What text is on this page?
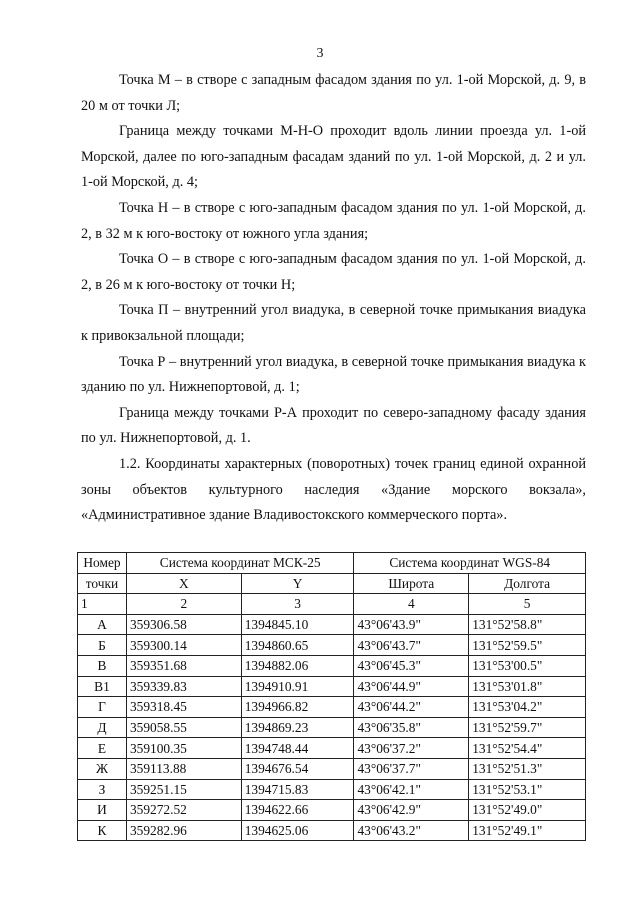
3

Точка М – в створе с западным фасадом здания по ул. 1-ой Морской, д. 9, в 20 м от точки Л;

Граница между точками М-Н-О проходит вдоль линии проезда ул. 1-ой Морской, далее по юго-западным фасадам зданий по ул. 1-ой Морской, д. 2 и ул. 1-ой Морской, д. 4;

Точка Н – в створе с юго-западным фасадом здания по ул. 1-ой Морской, д. 2, в 32 м к юго-востоку от южного угла здания;

Точка О – в створе с юго-западным фасадом здания по ул. 1-ой Морской, д. 2, в 26 м к юго-востоку от точки Н;

Точка П – внутренний угол виадука, в северной точке примыкания виадука к привокзальной площади;

Точка Р – внутренний угол виадука, в северной точке примыкания виадука к зданию по ул. Нижнепортовой, д. 1;

Граница между точками Р-А проходит по северо-западному фасаду здания по ул. Нижнепортовой, д. 1.

1.2. Координаты характерных (поворотных) точек границ единой охранной зоны объектов культурного наследия «Здание морского вокзала», «Административное здание Владивостокского коммерческого порта».

Номер	Система координат МСК-25		Система координат WGS-84	
точки	X	Y	Широта	Долгота
1	2	3	4	5
А	359306.58	1394845.10	43°06'43.9"	131°52'58.8"
Б	359300.14	1394860.65	43°06'43.7"	131°52'59.5"
В	359351.68	1394882.06	43°06'45.3"	131°53'00.5"
В1	359339.83	1394910.91	43°06'44.9"	131°53'01.8"
Г	359318.45	1394966.82	43°06'44.2"	131°53'04.2"
Д	359058.55	1394869.23	43°06'35.8"	131°52'59.7"
Е	359100.35	1394748.44	43°06'37.2"	131°52'54.4"
Ж	359113.88	1394676.54	43°06'37.7"	131°52'51.3"
З	359251.15	1394715.83	43°06'42.1"	131°52'53.1"
И	359272.52	1394622.66	43°06'42.9"	131°52'49.0"
К	359282.96	1394625.06	43°06'43.2"	131°52'49.1"
